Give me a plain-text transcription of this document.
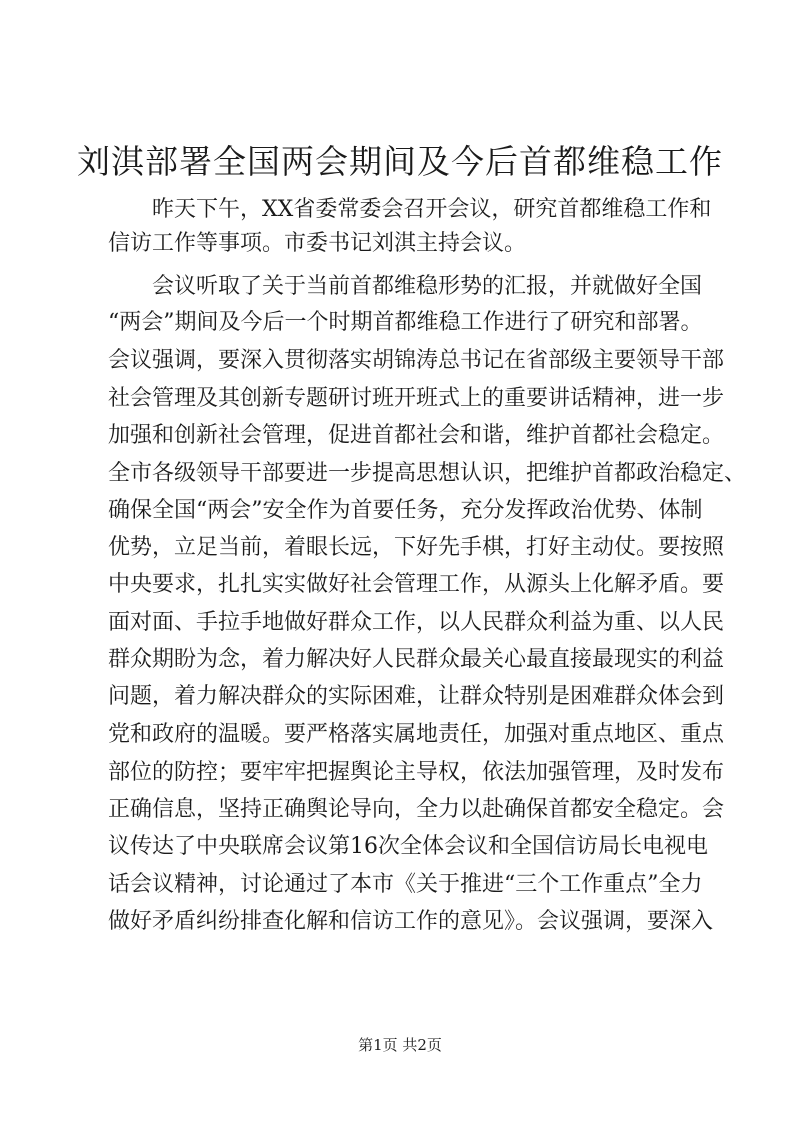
刘淇部署全国两会期间及今后首都维稳工作

昨天下午，XX省委常委会召开会议，研究首都维稳工作和

信访工作等事项。市委书记刘淇主持会议。

会议听取了关于当前首都维稳形势的汇报，并就做好全国

“两会”期间及今后一个时期首都维稳工作进行了研究和部署。

会议强调，要深入贯彻落实胡锦涛总书记在省部级主要领导干部

社会管理及其创新专题研讨班开班式上的重要讲话精神，进一步

加强和创新社会管理，促进首都社会和谐，维护首都社会稳定。

全市各级领导干部要进一步提高思想认识，把维护首都政治稳定、

确保全国“两会”安全作为首要任务，充分发挥政治优势、体制

优势，立足当前，着眼长远，下好先手棋，打好主动仗。要按照

中央要求，扎扎实实做好社会管理工作，从源头上化解矛盾。要

面对面、手拉手地做好群众工作，以人民群众利益为重、以人民

群众期盼为念，着力解决好人民群众最关心最直接最现实的利益

问题，着力解决群众的实际困难，让群众特别是困难群众体会到

党和政府的温暖。要严格落实属地责任，加强对重点地区、重点

部位的防控；要牢牢把握舆论主导权，依法加强管理，及时发布

正确信息，坚持正确舆论导向，全力以赴确保首都安全稳定。会

议传达了中央联席会议第16次全体会议和全国信访局长电视电

话会议精神，讨论通过了本市《关于推进“三个工作重点”全力

做好矛盾纠纷排查化解和信访工作的意见》。会议强调，要深入

第1页 共2页
